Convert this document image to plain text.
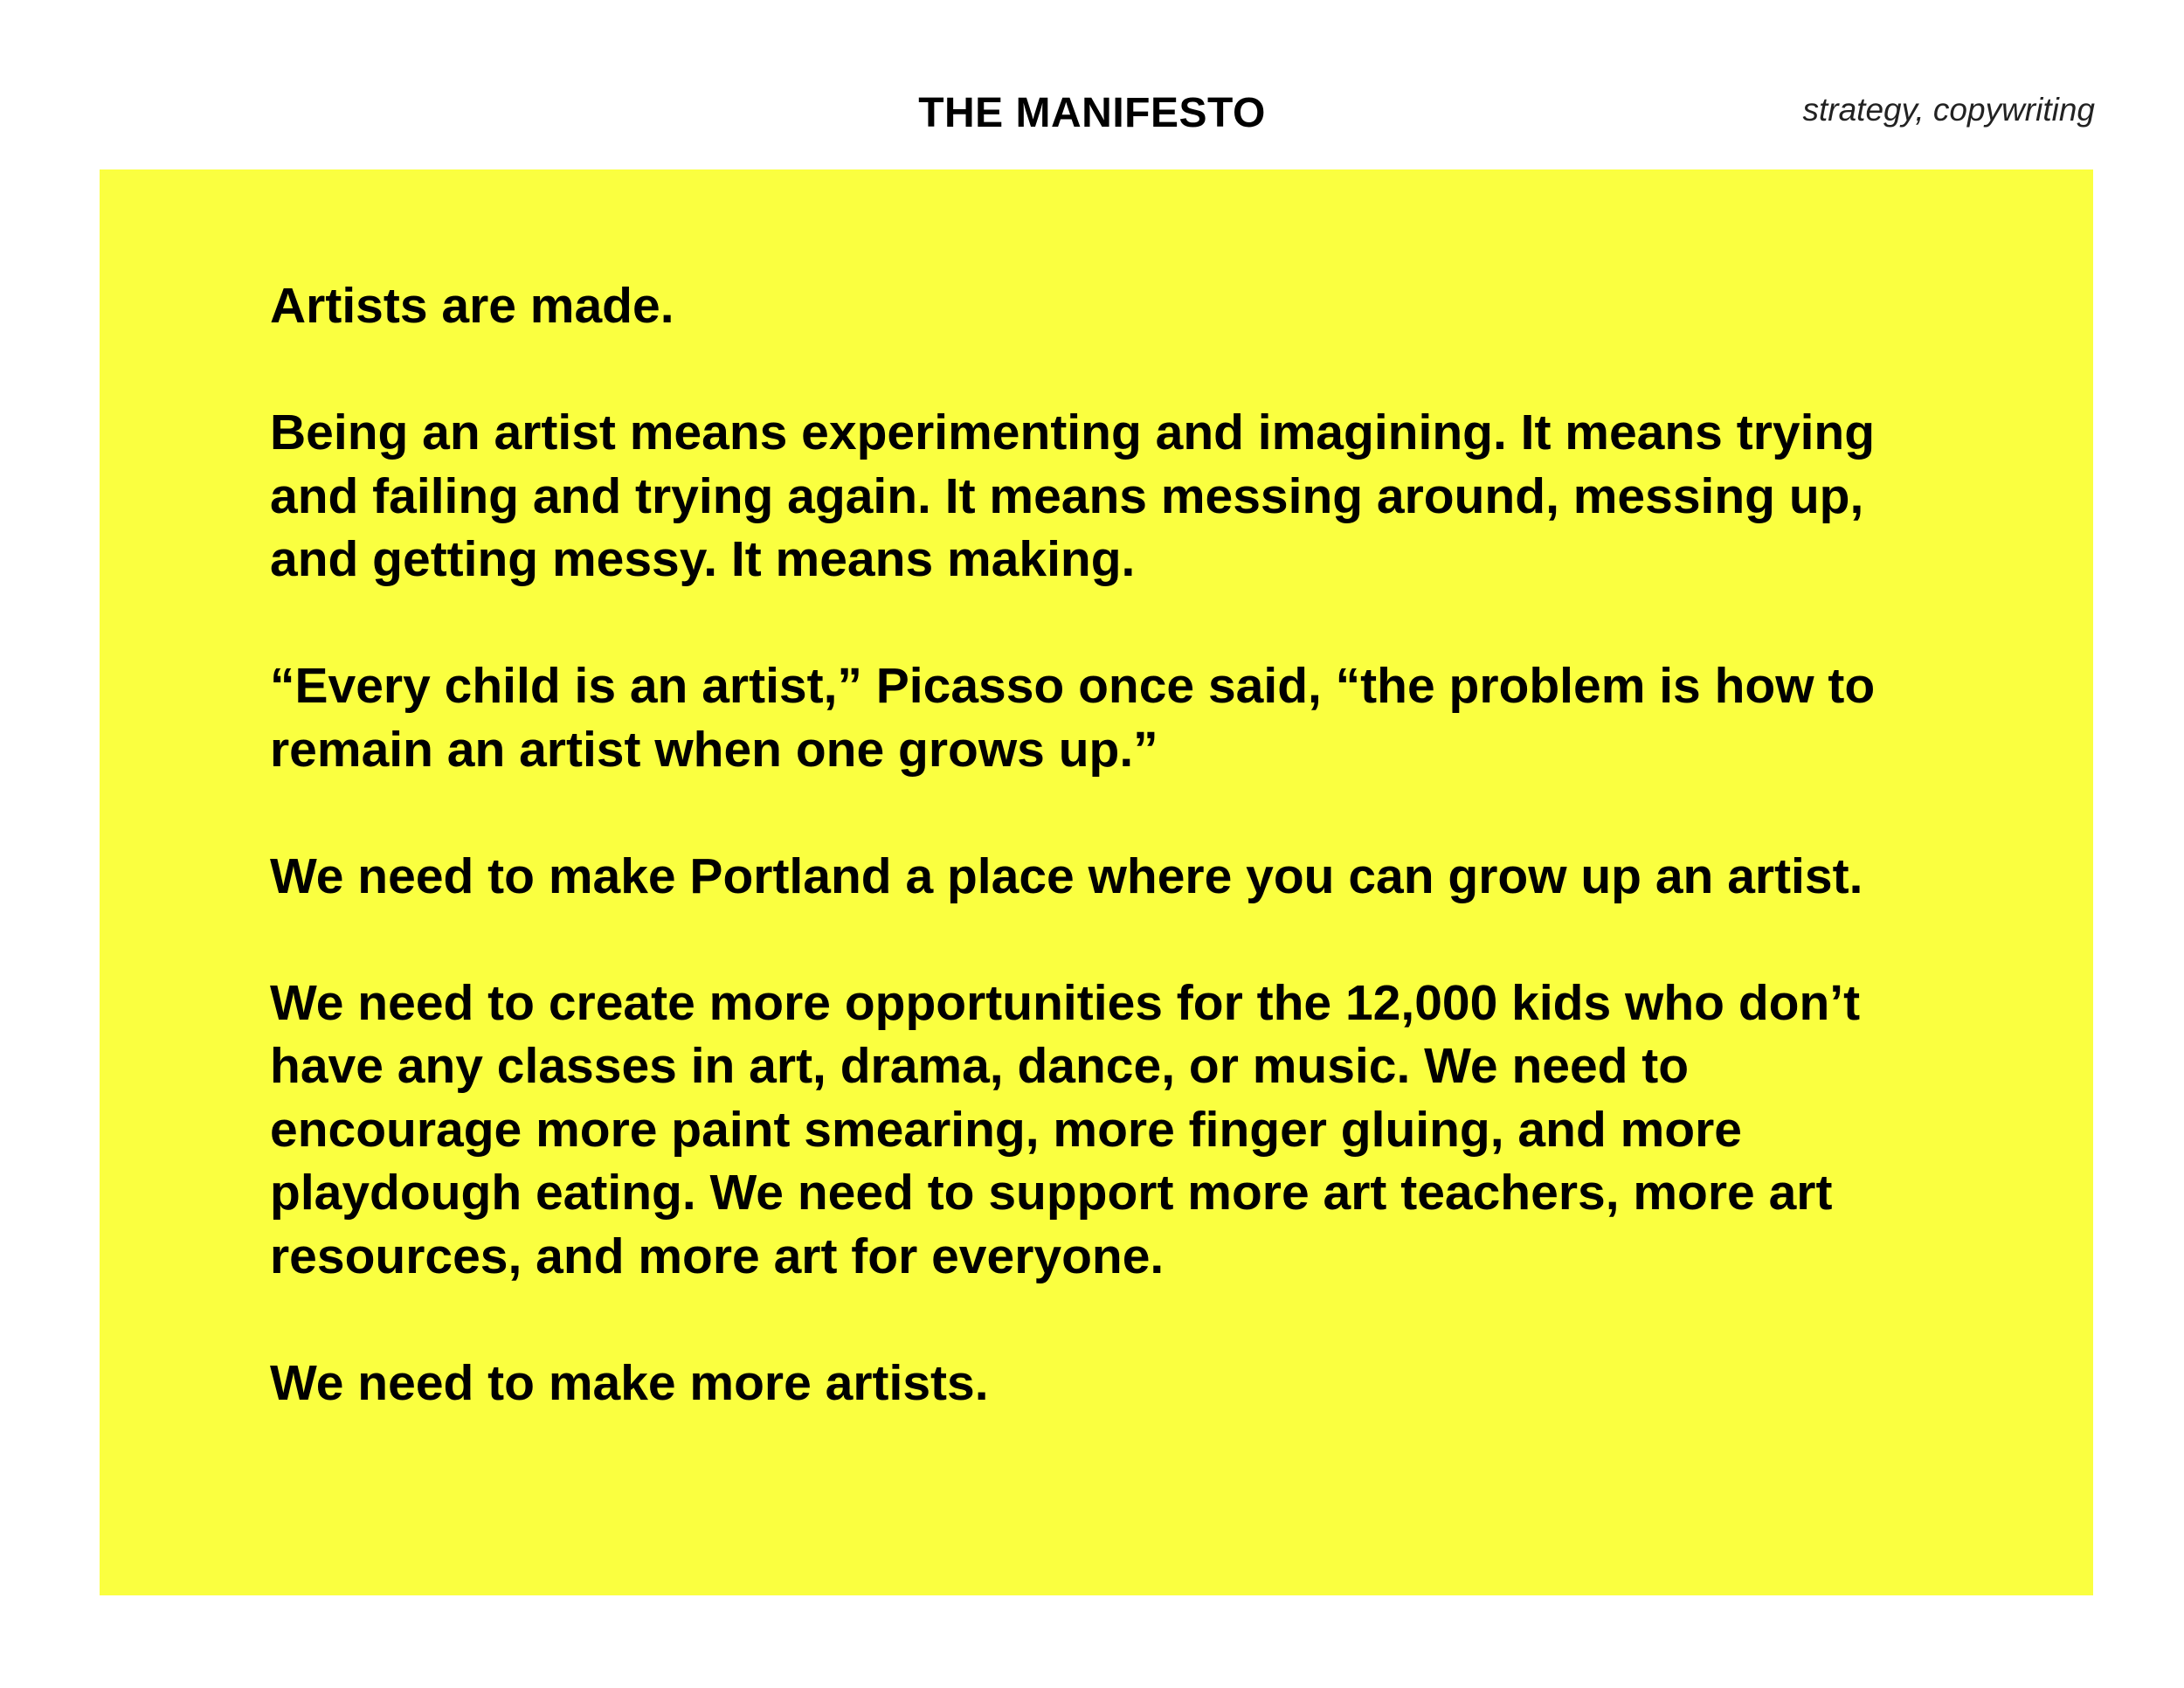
THE MANIFESTO	strategy, copywriting

Artists are made.

Being an artist means experimenting and imagining. It means trying and failing and trying again. It means messing around, messing up, and getting messy. It means making.

“Every child is an artist,” Picasso once said, “the problem is how to remain an artist when one grows up.”

We need to make Portland a place where you can grow up an artist.

We need to create more opportunities for the 12,000 kids who don’t have any classes in art, drama, dance, or music. We need to encourage more paint smearing, more finger gluing, and more playdough eating. We need to support more art teachers, more art resources, and more art for everyone.

We need to make more artists.
